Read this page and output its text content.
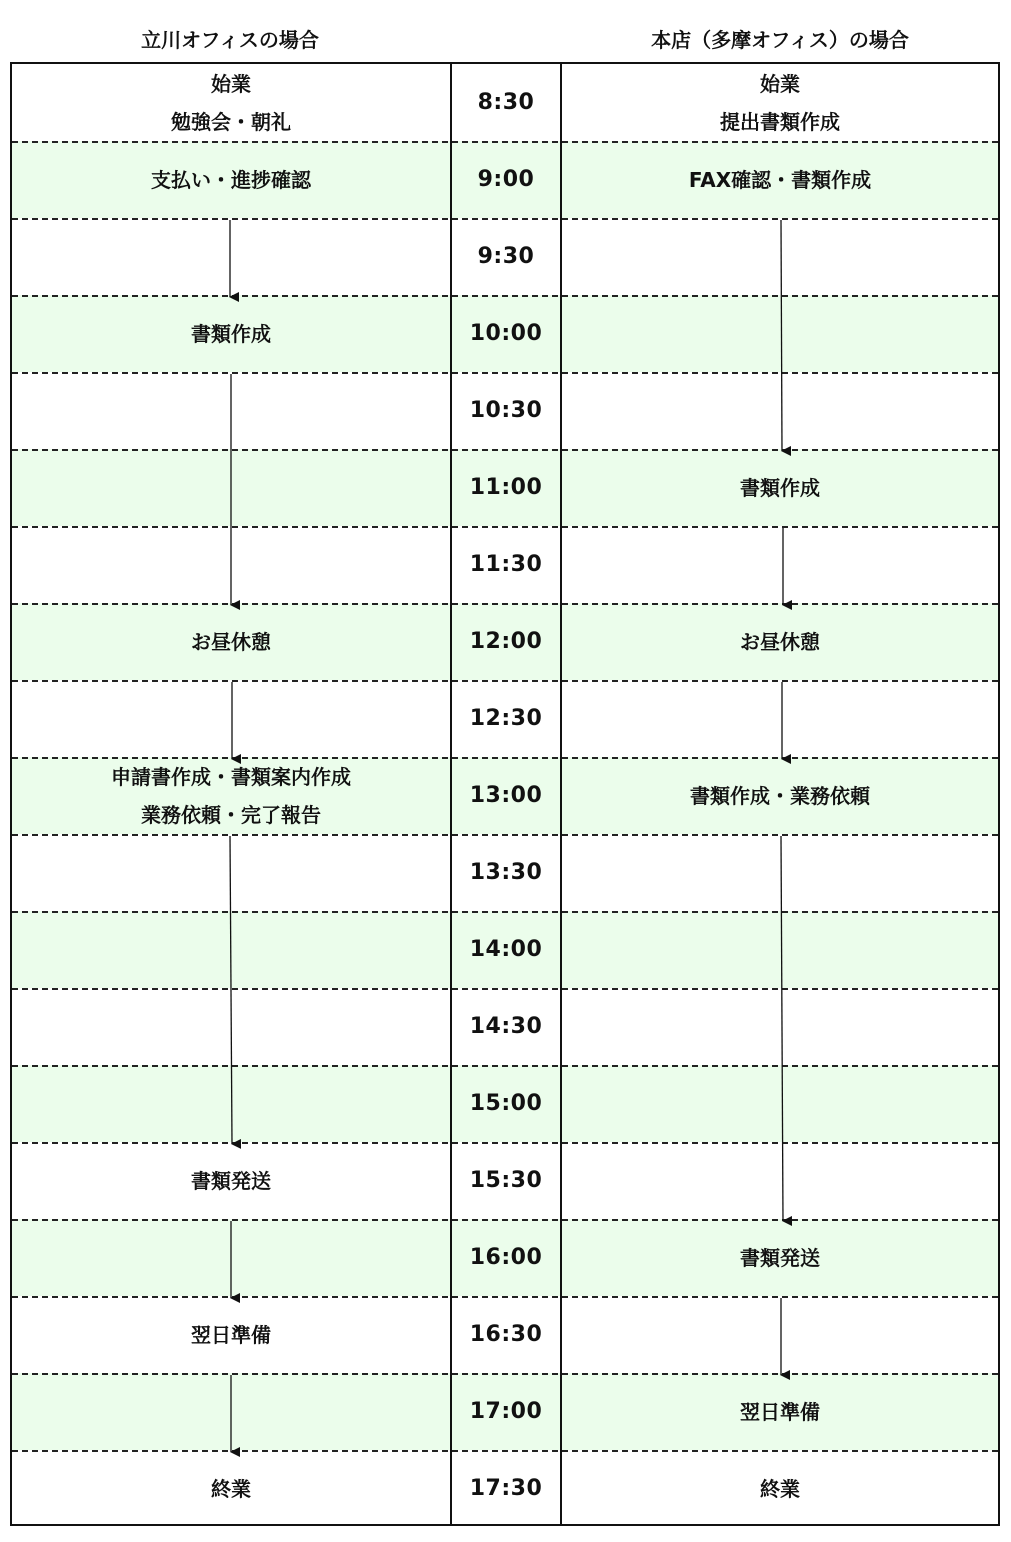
立川オフィスの場合	本店（多摩オフィス）の場合
8:30
9:00
9:30
10:00
10:30
11:00
11:30
12:00
12:30
13:00
13:30
14:00
14:30
15:00
15:30
16:00
16:30
17:00
17:30
始業
勉強会・朝礼
支払い・進捗確認
書類作成
お昼休憩
申請書作成・書類案内作成
業務依頼・完了報告
書類発送
翌日準備
終業
始業
提出書類作成
FAX確認・書類作成
書類作成
お昼休憩
書類作成・業務依頼
書類発送
翌日準備
終業
